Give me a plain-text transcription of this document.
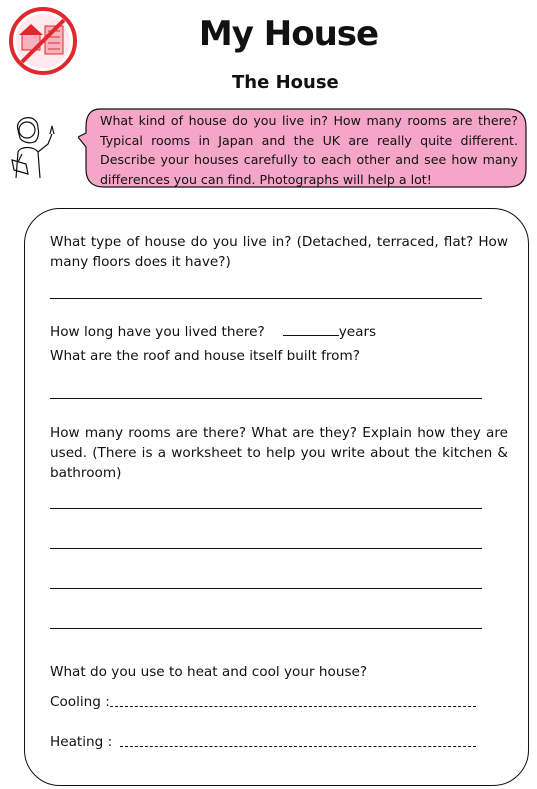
My House
The House
What kind of house do you live in? How many rooms are there? Typical rooms in Japan and the UK are really quite different. Describe your houses carefully to each other and see how many differences you can find. Photographs will help a lot!
What type of house do you live in? (Detached, terraced, flat? How many floors does it have?)
How long have you lived there?	years
What are the roof and house itself built from?
How many rooms are there? What are they? Explain how they are used. (There is a worksheet to help you write about the kitchen & bathroom)
What do you use to heat and cool your house?
Cooling :
Heating :
